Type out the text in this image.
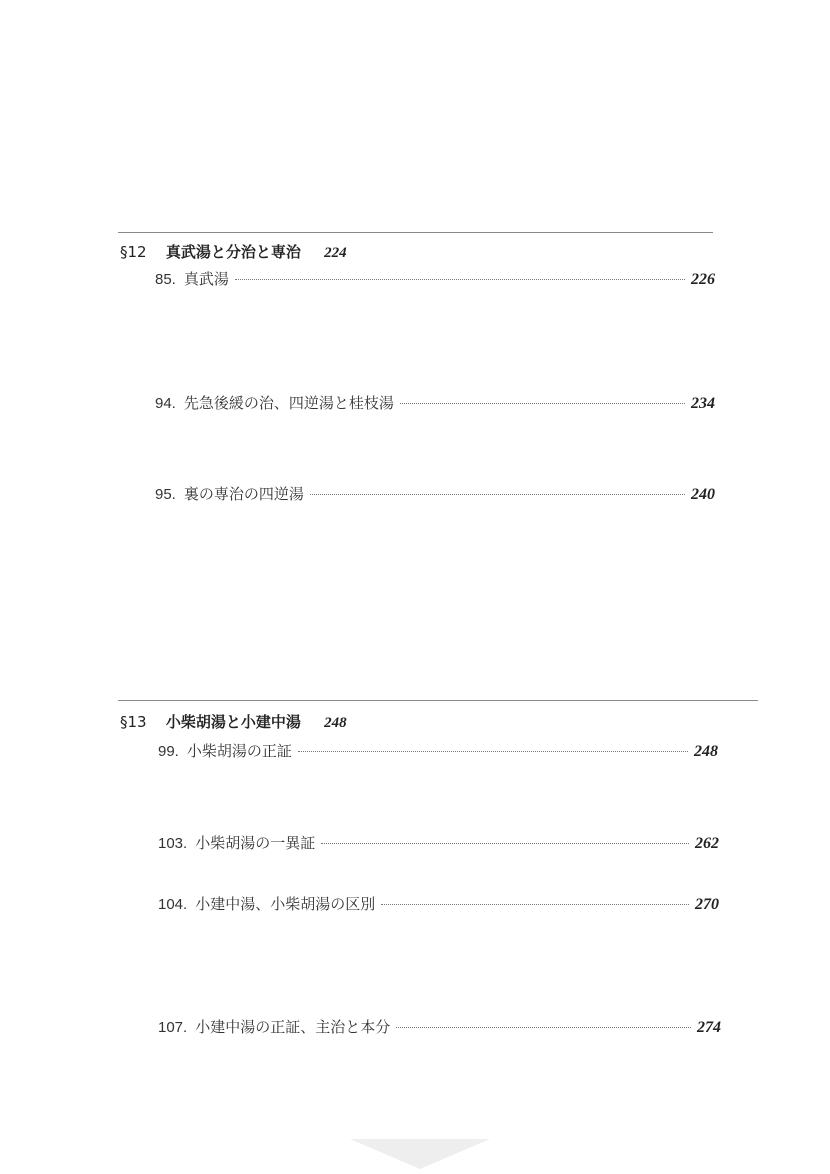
§12 真武湯と分治と専治 224
85. 真武湯	226
94. 先急後緩の治、四逆湯と桂枝湯	234
95. 裏の専治の四逆湯	240
§13 小柴胡湯と小建中湯 248
99. 小柴胡湯の正証	248
103. 小柴胡湯の一異証	262
104. 小建中湯、小柴胡湯の区別	270
107. 小建中湯の正証、主治と本分	274
